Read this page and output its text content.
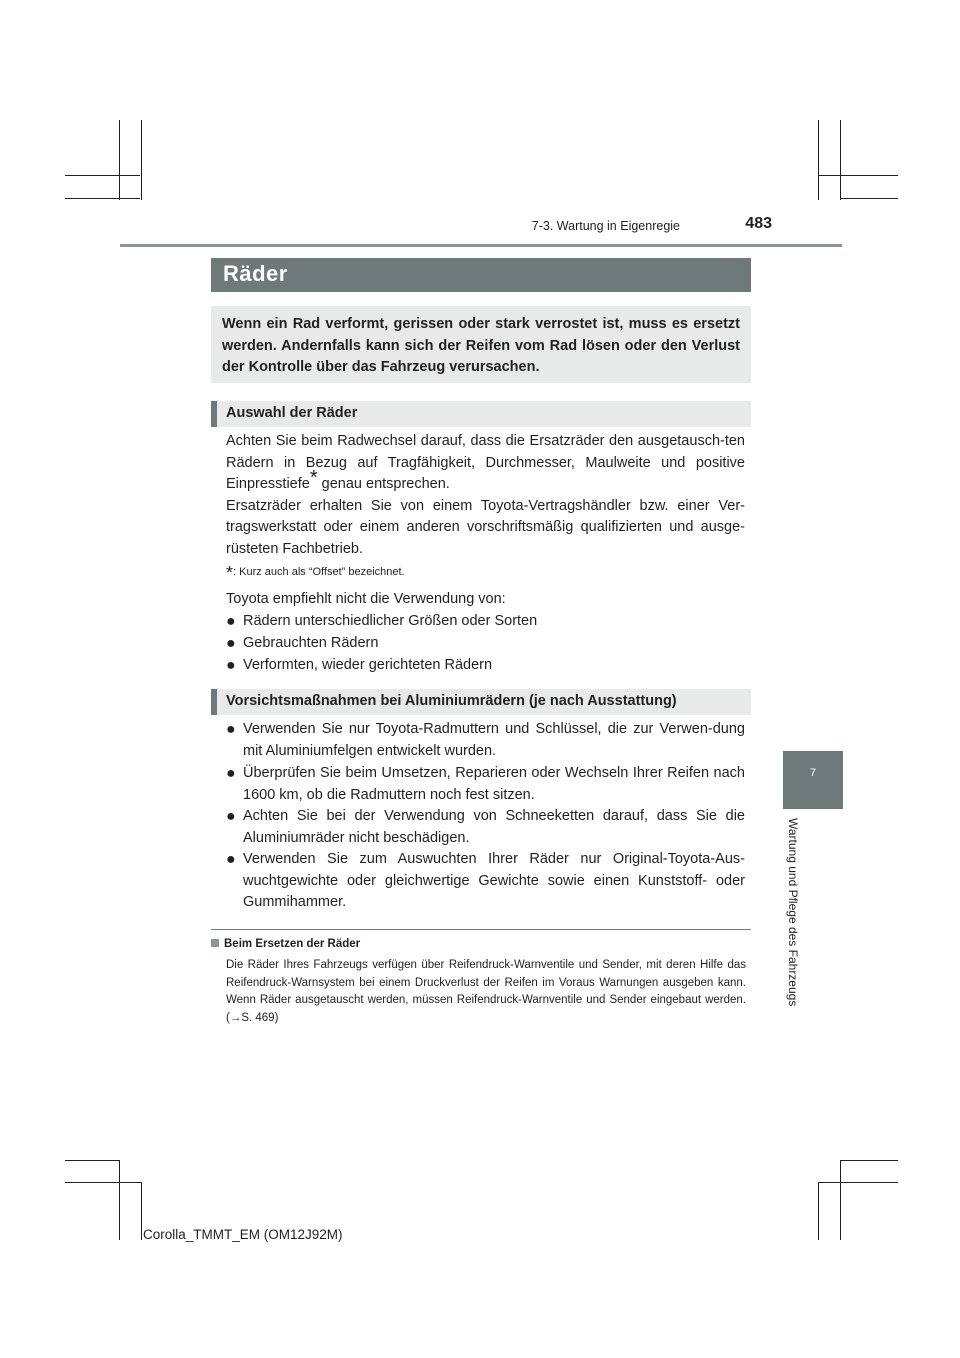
7-3. Wartung in Eigenregie	483
Räder
Wenn ein Rad verformt, gerissen oder stark verrostet ist, muss es ersetzt werden. Andernfalls kann sich der Reifen vom Rad lösen oder den Verlust der Kontrolle über das Fahrzeug verursachen.
Auswahl der Räder

Achten Sie beim Radwechsel darauf, dass die Ersatzräder den ausgetausch-ten Rädern in Bezug auf Tragfähigkeit, Durchmesser, Maulweite und positive Einpresstiefe* genau entsprechen.

Ersatzräder erhalten Sie von einem Toyota-Vertragshändler bzw. einer Ver-tragswerkstatt oder einem anderen vorschriftsmäßig qualifizierten und ausge-rüsteten Fachbetrieb.

*: Kurz auch als “Offset” bezeichnet.
Toyota empfiehlt nicht die Verwendung von:
● Rädern unterschiedlicher Größen oder Sorten
● Gebrauchten Rädern
● Verformten, wieder gerichteten Rädern
Vorsichtsmaßnahmen bei Aluminiumrädern (je nach Ausstattung)
● Verwenden Sie nur Toyota-Radmuttern und Schlüssel, die zur Verwen-dung mit Aluminiumfelgen entwickelt wurden.
● Überprüfen Sie beim Umsetzen, Reparieren oder Wechseln Ihrer Reifen nach 1600 km, ob die Radmuttern noch fest sitzen.
● Achten Sie bei der Verwendung von Schneeketten darauf, dass Sie die Aluminiumräder nicht beschädigen.
● Verwenden Sie zum Auswuchten Ihrer Räder nur Original-Toyota-Aus-wuchtgewichte oder gleichwertige Gewichte sowie einen Kunststoff- oder Gummihammer.
Beim Ersetzen der Räder
Die Räder Ihres Fahrzeugs verfügen über Reifendruck-Warnventile und Sender, mit deren Hilfe das Reifendruck-Warnsystem bei einem Druckverlust der Reifen im Voraus Warnungen ausgeben kann. Wenn Räder ausgetauscht werden, müssen Reifendruck-Warnventile und Sender eingebaut werden. (→S. 469)
7
Wartung und Pflege des Fahrzeugs
Corolla_TMMT_EM (OM12J92M)
